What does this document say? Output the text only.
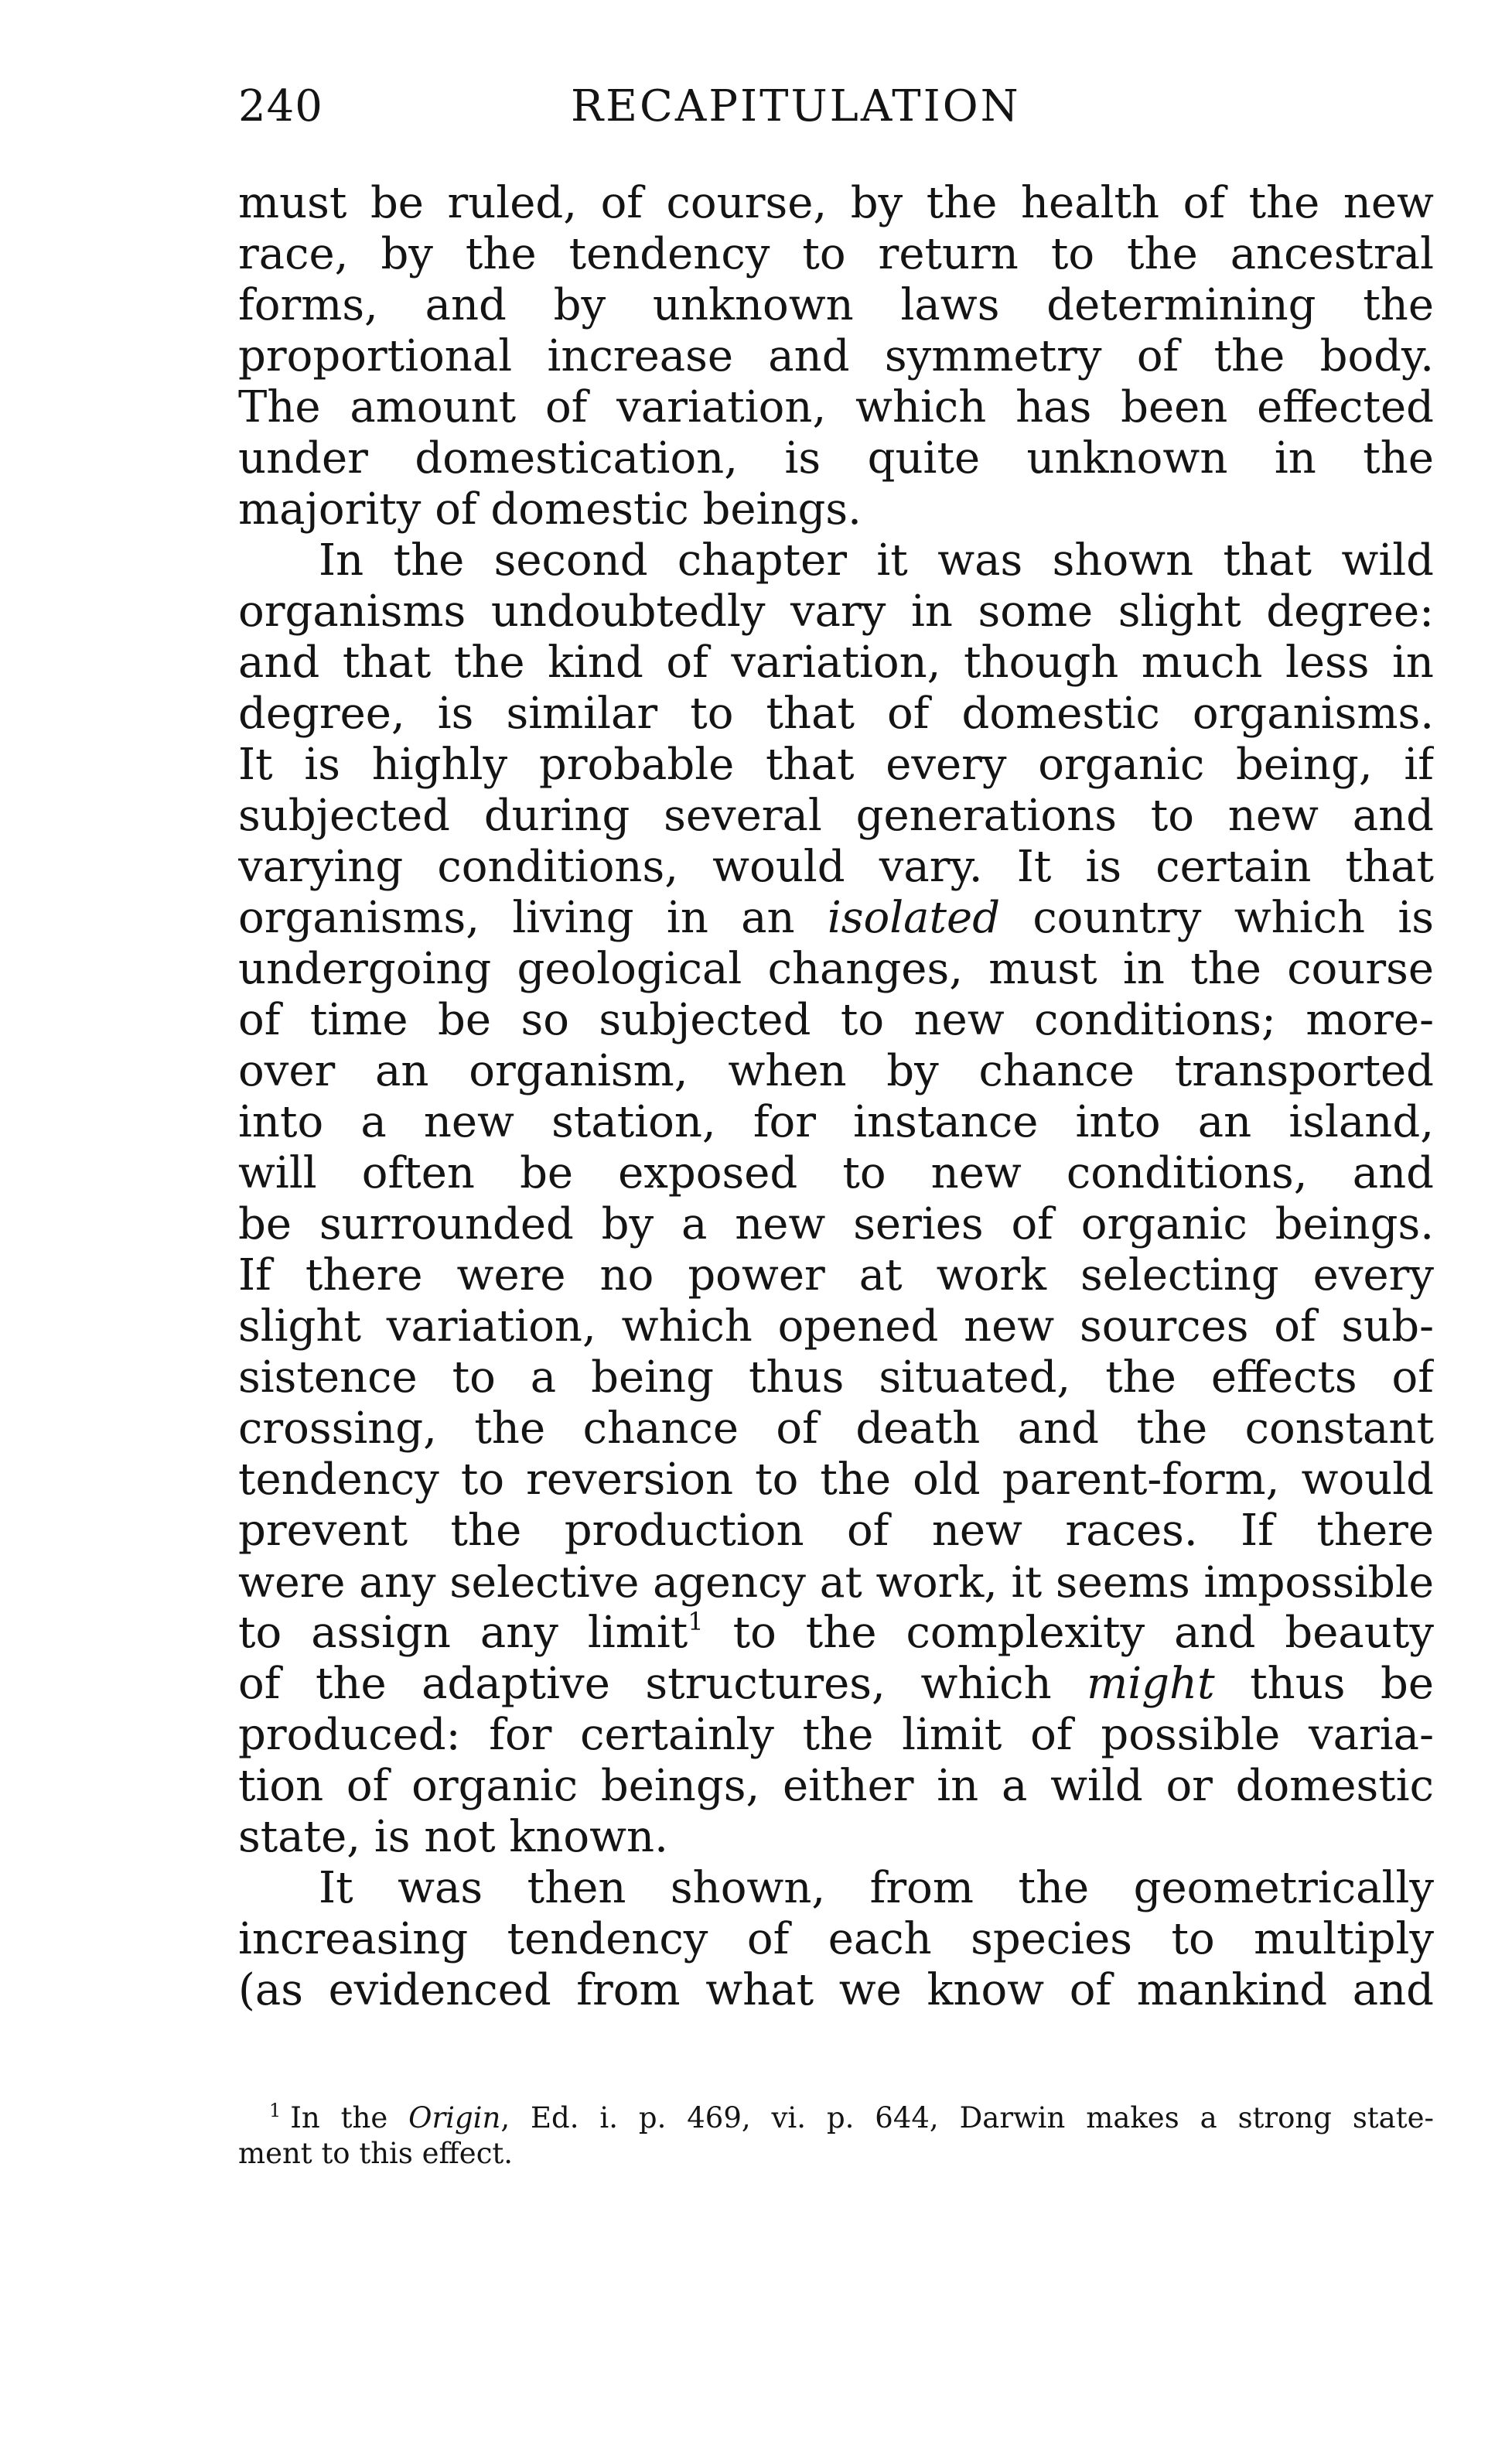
240	RECAPITULATION
must be ruled, of course, by the health of the new
race, by the tendency to return to the ancestral
forms, and by unknown laws determining the
proportional increase and symmetry of the body.
The amount of variation, which has been effected
under domestication, is quite unknown in the
majority of domestic beings.
In the second chapter it was shown that wild
organisms undoubtedly vary in some slight degree:
and that the kind of variation, though much less in
degree, is similar to that of domestic organisms.
It is highly probable that every organic being, if
subjected during several generations to new and
varying conditions, would vary. It is certain that
organisms, living in an isolated country which is
undergoing geological changes, must in the course
of time be so subjected to new conditions; more-
over an organism, when by chance transported
into a new station, for instance into an island,
will often be exposed to new conditions, and
be surrounded by a new series of organic beings.
If there were no power at work selecting every
slight variation, which opened new sources of sub-
sistence to a being thus situated, the effects of
crossing, the chance of death and the constant
tendency to reversion to the old parent-form, would
prevent the production of new races. If there
were any selective agency at work, it seems impossible
to assign any limit$^1$ to the complexity and beauty
of the adaptive structures, which might thus be
produced: for certainly the limit of possible varia-
tion of organic beings, either in a wild or domestic
state, is not known.
It was then shown, from the geometrically
increasing tendency of each species to multiply
(as evidenced from what we know of mankind and
$^1$ In the Origin, Ed. i. p. 469, vi. p. 644, Darwin makes a strong state-
ment to this effect.
